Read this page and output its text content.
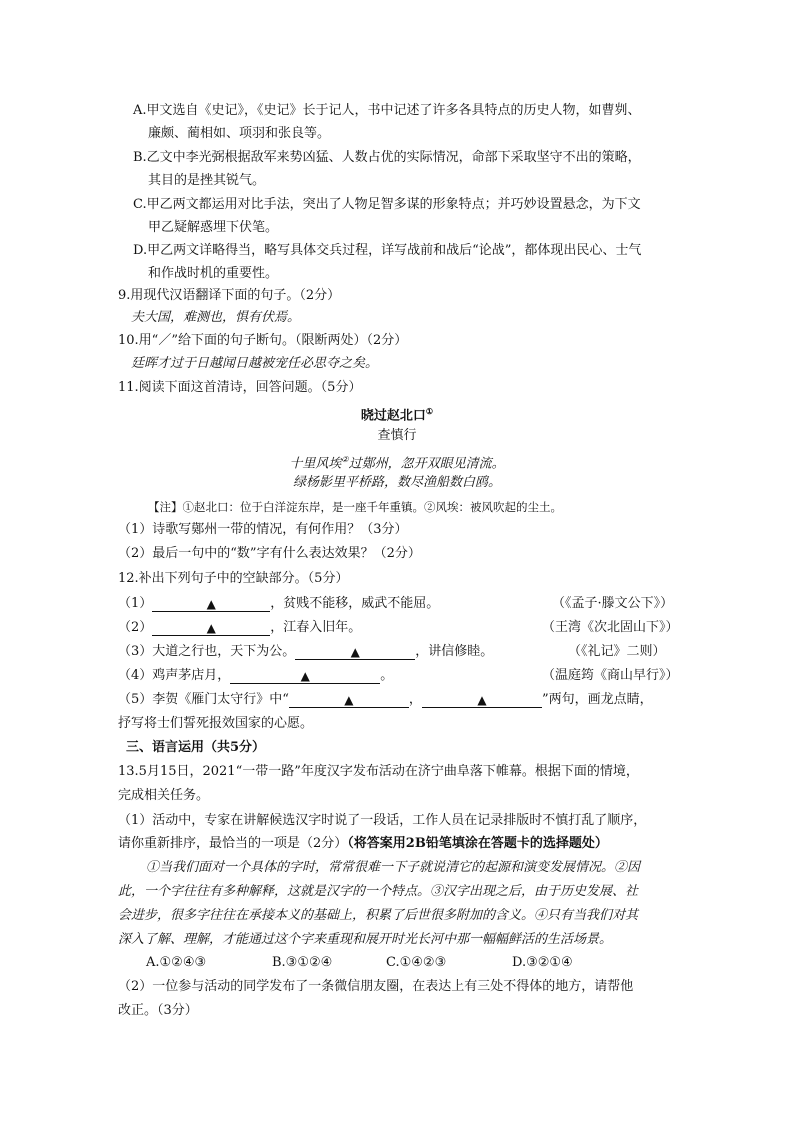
A.甲文选自《史记》，《史记》长于记人，书中记述了许多各具特点的历史人物，如曹刿、
廉颇、蔺相如、项羽和张良等。
B.乙文中李光弼根据敌军来势凶猛、人数占优的实际情况，命部下采取坚守不出的策略，
其目的是挫其锐气。
C.甲乙两文都运用对比手法，突出了人物足智多谋的形象特点；并巧妙设置悬念，为下文
甲乙疑解惑埋下伏笔。
D.甲乙两文详略得当，略写具体交兵过程，详写战前和战后“论战”，都体现出民心、士气
和作战时机的重要性。
9.用现代汉语翻译下面的句子。（2分）
夫大国，难测也，惧有伏焉。
10.用“／”给下面的句子断句。（限断两处）（2分）
廷晖才过于日越闻日越被宠任必思夺之矣。
11.阅读下面这首清诗，回答问题。（5分）
晓过赵北口①
查慎行
十里风埃②过鄚州，忽开双眼见清流。
绿杨影里平桥路，数尽渔船数白鸥。
【注】①赵北口：位于白洋淀东岸，是一座千年重镇。②风埃：被风吹起的尘土。
（1）诗歌写鄚州一带的情况，有何作用？（3分）
（2）最后一句中的“数”字有什么表达效果？（2分）
12.补出下列句子中的空缺部分。（5分）
（1）	▲	，贫贱不能移，威武不能屈。	（《孟子·滕文公下》）
（2）	▲	，江春入旧年。	（王湾《次北固山下》）
（3）大道之行也，天下为公。	▲	，讲信修睦。	（《礼记》二则）
（4）鸡声茅店月，	▲	。	（温庭筠《商山早行》）
（5）李贺《雁门太守行》中“	▲	，	▲	”两句，画龙点睛，
抒写将士们誓死报效国家的心愿。
三、语言运用（共5分）
13.5月15日，2021“一带一路”年度汉字发布活动在济宁曲阜落下帷幕。根据下面的情境，
完成相关任务。
（1）活动中，专家在讲解候选汉字时说了一段话，工作人员在记录排版时不慎打乱了顺序，
请你重新排序，最恰当的一项是（2分）（将答案用2B铅笔填涂在答题卡的选择题处）
①当我们面对一个具体的字时，常常很难一下子就说清它的起源和演变发展情况。②因
此，一个字往往有多种解释，这就是汉字的一个特点。③汉字出现之后，由于历史发展、社
会进步，很多字往往在承接本义的基础上，积累了后世很多附加的含义。④只有当我们对其
深入了解、理解，才能通过这个字来重现和展开时光长河中那一幅幅鲜活的生活场景。
A.①②④③	B.③①②④	C.①④②③	D.③②①④
（2）一位参与活动的同学发布了一条微信朋友圈，在表达上有三处不得体的地方，请帮他
改正。（3分）
